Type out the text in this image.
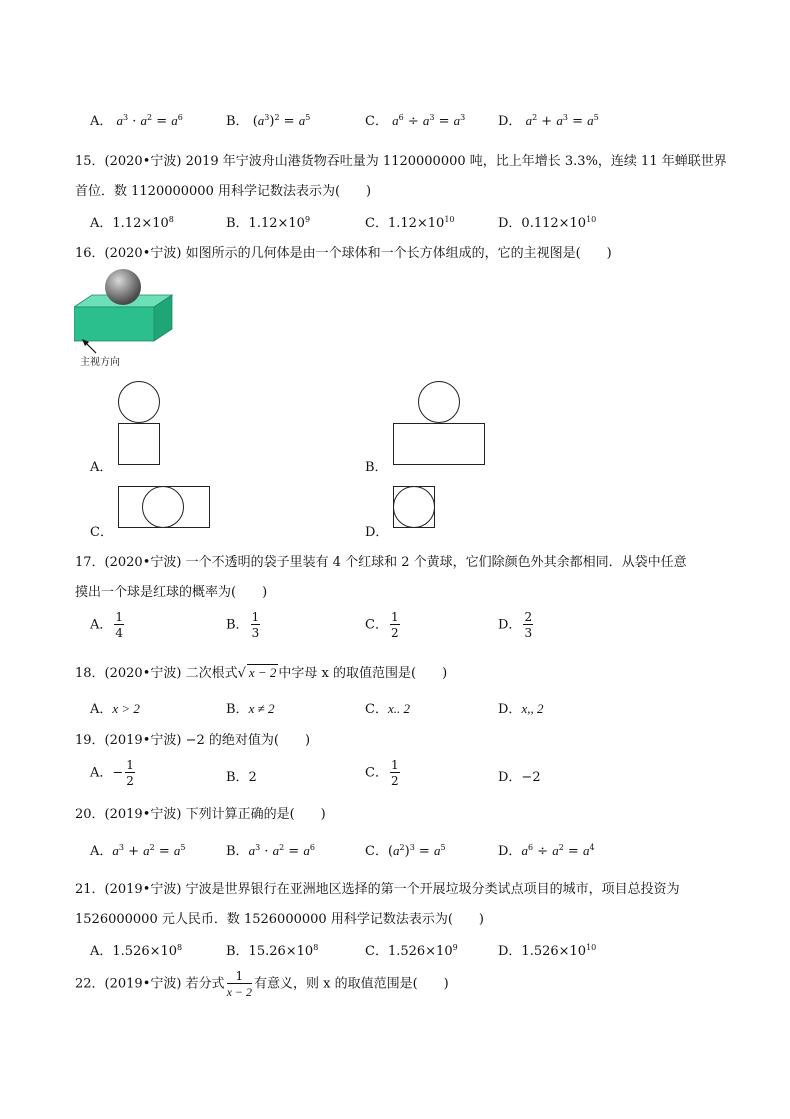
A． $a^3 \cdot a^2 = a^6$	B． $(a^3)^2 = a^5$	C． $a^6 \div a^3 = a^3$	D． $a^2 + a^3 = a^5$
15．(2020•宁波) 2019 年宁波舟山港货物吞吐量为 1120000000 吨，比上年增长 3.3%，连续 11 年蝉联世界
首位．数 1120000000 用科学记数法表示为(　　)
A．$1.12\times 10^8$	B．$1.12\times 10^9$	C．$1.12\times 10^{10}$	D．$0.112\times 10^{10}$
16．(2020•宁波) 如图所示的几何体是由一个球体和一个长方体组成的，它的主视图是(　　)
主视方向
A．	B．
C．	D．
17．(2020•宁波) 一个不透明的袋子里装有 4 个红球和 2 个黄球，它们除颜色外其余都相同．从袋中任意
摸出一个球是红球的概率为(　　)
A． $\frac{1}{4}$	B． $\frac{1}{3}$	C． $\frac{1}{2}$	D． $\frac{2}{3}$
18．(2020•宁波) 二次根式√ x − 2 中字母 x 的取值范围是(　　)
A．x > 2	B．x ≠ 2	C．x.. 2	D．x,, 2
19．(2019•宁波) −2 的绝对值为(　　)
A．− $\frac{1}{2}$	B．2	C． $\frac{1}{2}$	D．−2
20．(2019•宁波) 下列计算正确的是(　　)
A．$a^3 + a^2 = a^5$	B．$a^3 \cdot a^2 = a^6$	C．$(a^2)^3 = a^5$	D．$a^6 \div a^2 = a^4$
21．(2019•宁波) 宁波是世界银行在亚洲地区选择的第一个开展垃圾分类试点项目的城市，项目总投资为
1526000000 元人民币．数 1526000000 用科学记数法表示为(　　)
A．$1.526\times 10^8$	B．$15.26\times 10^8$	C．$1.526\times 10^9$	D．$1.526\times 10^{10}$
22．(2019•宁波) 若分式 $\frac{1}{x - 2}$ 有意义，则 x 的取值范围是(　　)
